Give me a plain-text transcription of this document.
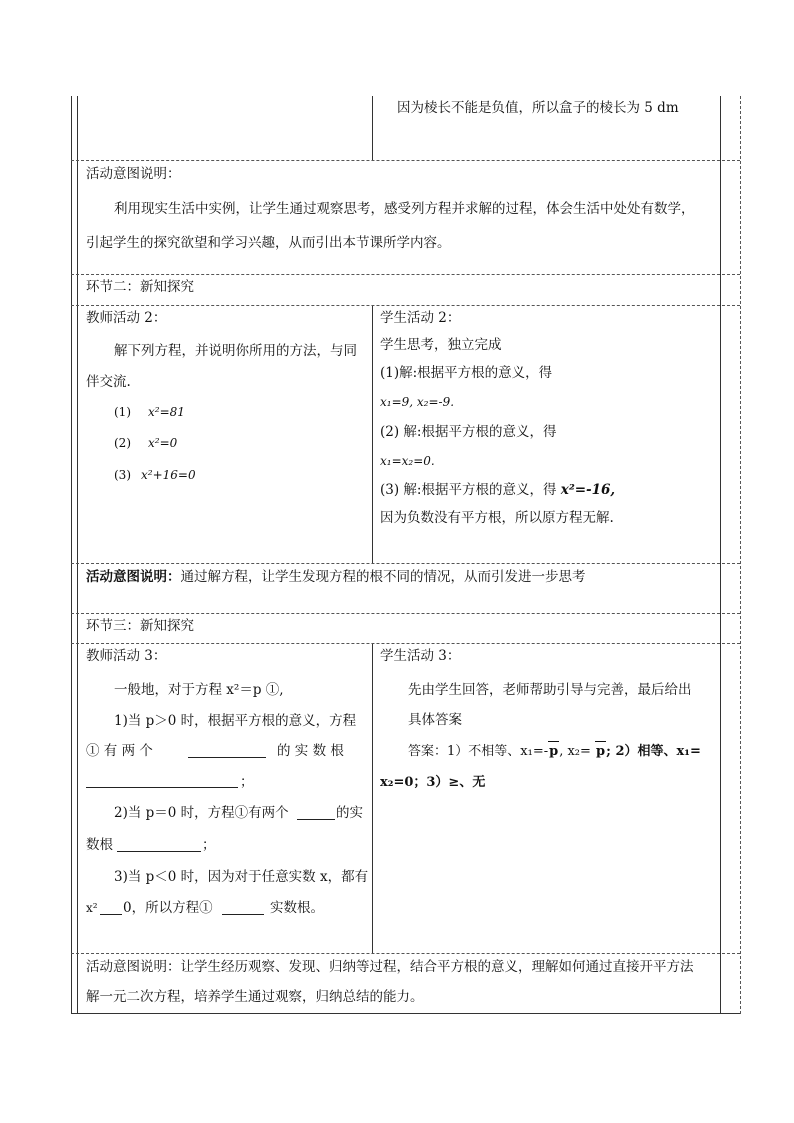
因为棱长不能是负值，所以盒子的棱长为 5 dm
活动意图说明：
利用现实生活中实例，让学生通过观察思考，感受列方程并求解的过程，体会生活中处处有数学，
引起学生的探究欲望和学习兴趣，从而引出本节课所学内容。
环节二：新知探究
教师活动 2：
解下列方程，并说明你所用的方法，与同
伴交流.
(1) x²=81
(2) x²=0
(3) x²+16=0
学生活动 2：
学生思考，独立完成
(1)解:根据平方根的意义，得
x₁=9, x₂=-9.
(2) 解:根据平方根的意义，得
x₁=x₂=0.
(3) 解:根据平方根的意义，得 x²=-16,
因为负数没有平方根，所以原方程无解.
活动意图说明：通过解方程，让学生发现方程的根不同的情况，从而引发进一步思考
环节三：新知探究
教师活动 3：
一般地，对于方程 x²＝p ①,
1)当 p＞0 时，根据平方根的意义，方程
① 有 两 个	的 实 数 根
；
2)当 p＝0 时，方程①有两个	的实
数根	；
3)当 p＜0 时，因为对于任意实数 x，都有
x² 0，所以方程①	实数根。
学生活动 3：
先由学生回答，老师帮助引导与完善，最后给出
具体答案
答案：1）不相等、x₁=-p, x₂= p; 2）相等、x₁=
x₂=0；3）≥、无
活动意图说明：让学生经历观察、发现、归纳等过程，结合平方根的意义，理解如何通过直接开平方法
解一元二次方程，培养学生通过观察，归纳总结的能力。
